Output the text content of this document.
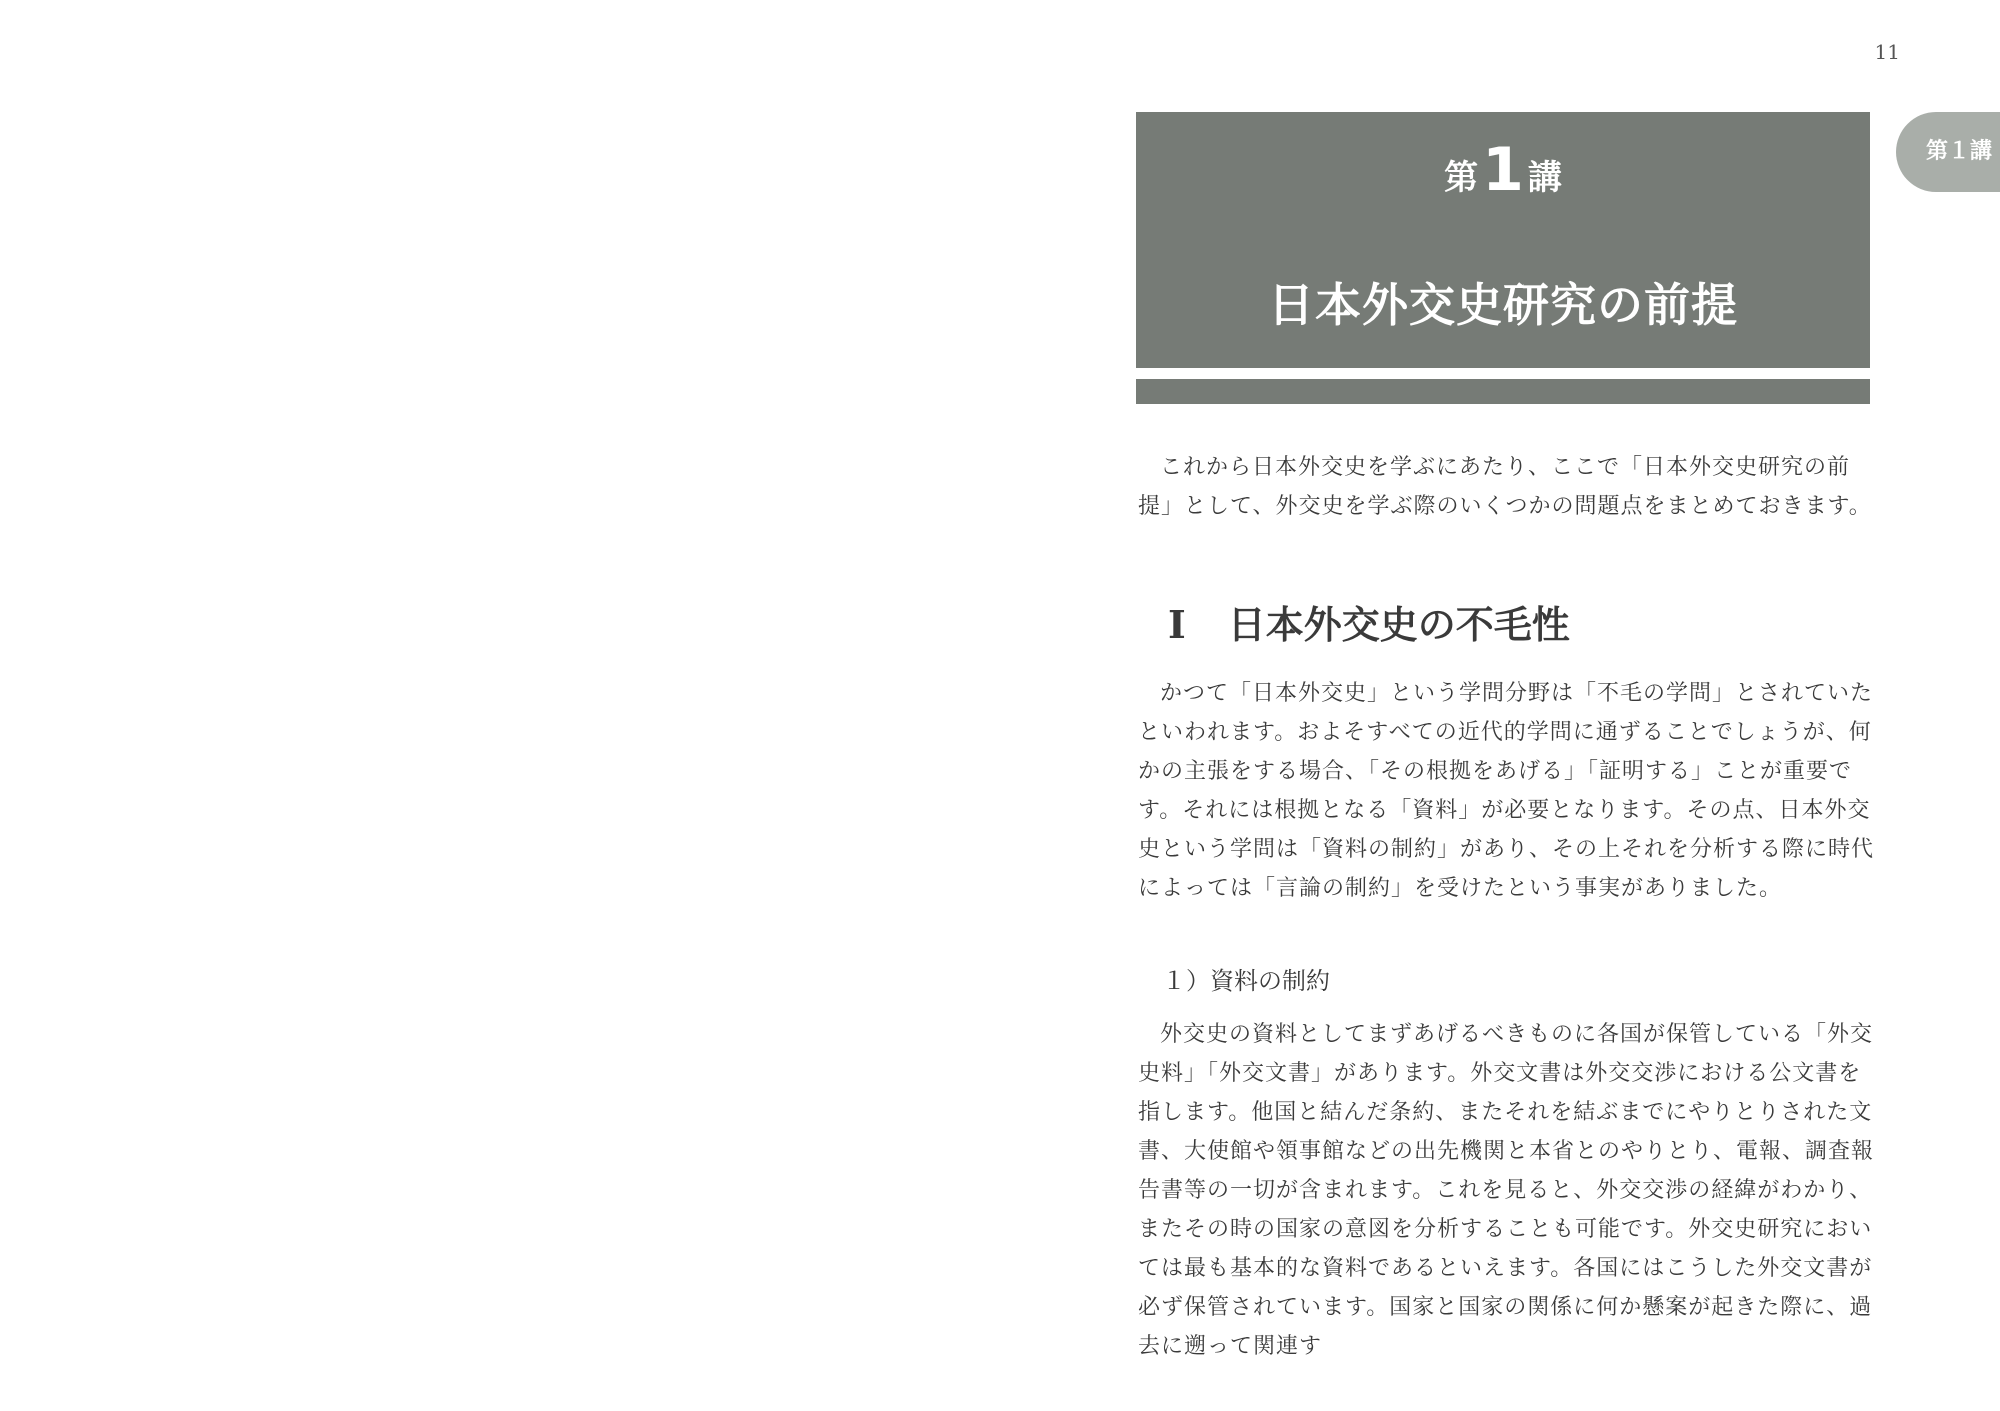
11
第１講
第 1 講
日本外交史研究の前提

これから日本外交史を学ぶにあたり、ここで「日本外交史研究の前提」として、外交史を学ぶ際のいくつかの問題点をまとめておきます。

I 日本外交史の不毛性

かつて「日本外交史」という学問分野は「不毛の学問」とされていたといわれます。およそすべての近代的学問に通ずることでしょうが、何かの主張をする場合、「その根拠をあげる」「証明する」ことが重要です。それには根拠となる「資料」が必要となります。その点、日本外交史という学問は「資料の制約」があり、その上それを分析する際に時代によっては「言論の制約」を受けたという事実がありました。

１）資料の制約

外交史の資料としてまずあげるべきものに各国が保管している「外交史料」「外交文書」があります。外交文書は外交交渉における公文書を指します。他国と結んだ条約、またそれを結ぶまでにやりとりされた文書、大使館や領事館などの出先機関と本省とのやりとり、電報、調査報告書等の一切が含まれます。これを見ると、外交交渉の経緯がわかり、またその時の国家の意図を分析することも可能です。外交史研究においては最も基本的な資料であるといえます。各国にはこうした外交文書が必ず保管されています。国家と国家の関係に何か懸案が起きた際に、過去に遡って関連す
